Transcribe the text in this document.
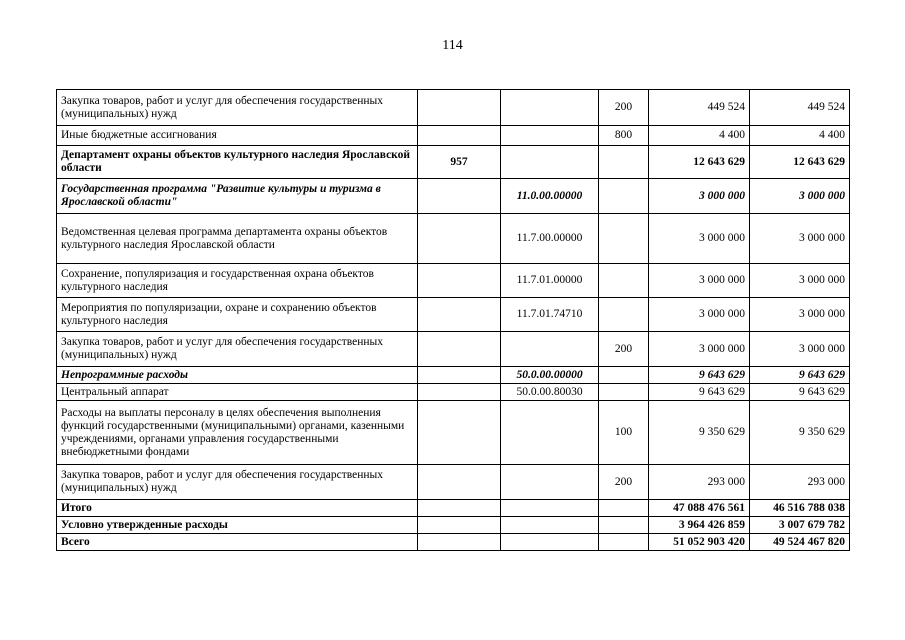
114
Закупка товаров, работ и услуг для обеспечения государственных (муниципальных) нужд			200	449 524	449 524
Иные бюджетные ассигнования			800	4 400	4 400
Департамент охраны объектов культурного наследия Ярославской области	957			12 643 629	12 643 629
Государственная программа "Развитие культуры и туризма в Ярославской области"		11.0.00.00000		3 000 000	3 000 000
Ведомственная целевая программа департамента охраны объектов культурного наследия Ярославской области		11.7.00.00000		3 000 000	3 000 000
Сохранение, популяризация и государственная охрана объектов культурного наследия		11.7.01.00000		3 000 000	3 000 000
Мероприятия по популяризации, охране и сохранению объектов культурного наследия		11.7.01.74710		3 000 000	3 000 000
Закупка товаров, работ и услуг для обеспечения государственных (муниципальных) нужд			200	3 000 000	3 000 000
Непрограммные расходы		50.0.00.00000		9 643 629	9 643 629
Центральный аппарат		50.0.00.80030		9 643 629	9 643 629
Расходы на выплаты персоналу в целях обеспечения выполнения функций государственными (муниципальными) органами, казенными учреждениями, органами управления государственными внебюджетными фондами			100	9 350 629	9 350 629
Закупка товаров, работ и услуг для обеспечения государственных (муниципальных) нужд			200	293 000	293 000
Итого				47 088 476 561	46 516 788 038
Условно утвержденные расходы				3 964 426 859	3 007 679 782
Всего				51 052 903 420	49 524 467 820
